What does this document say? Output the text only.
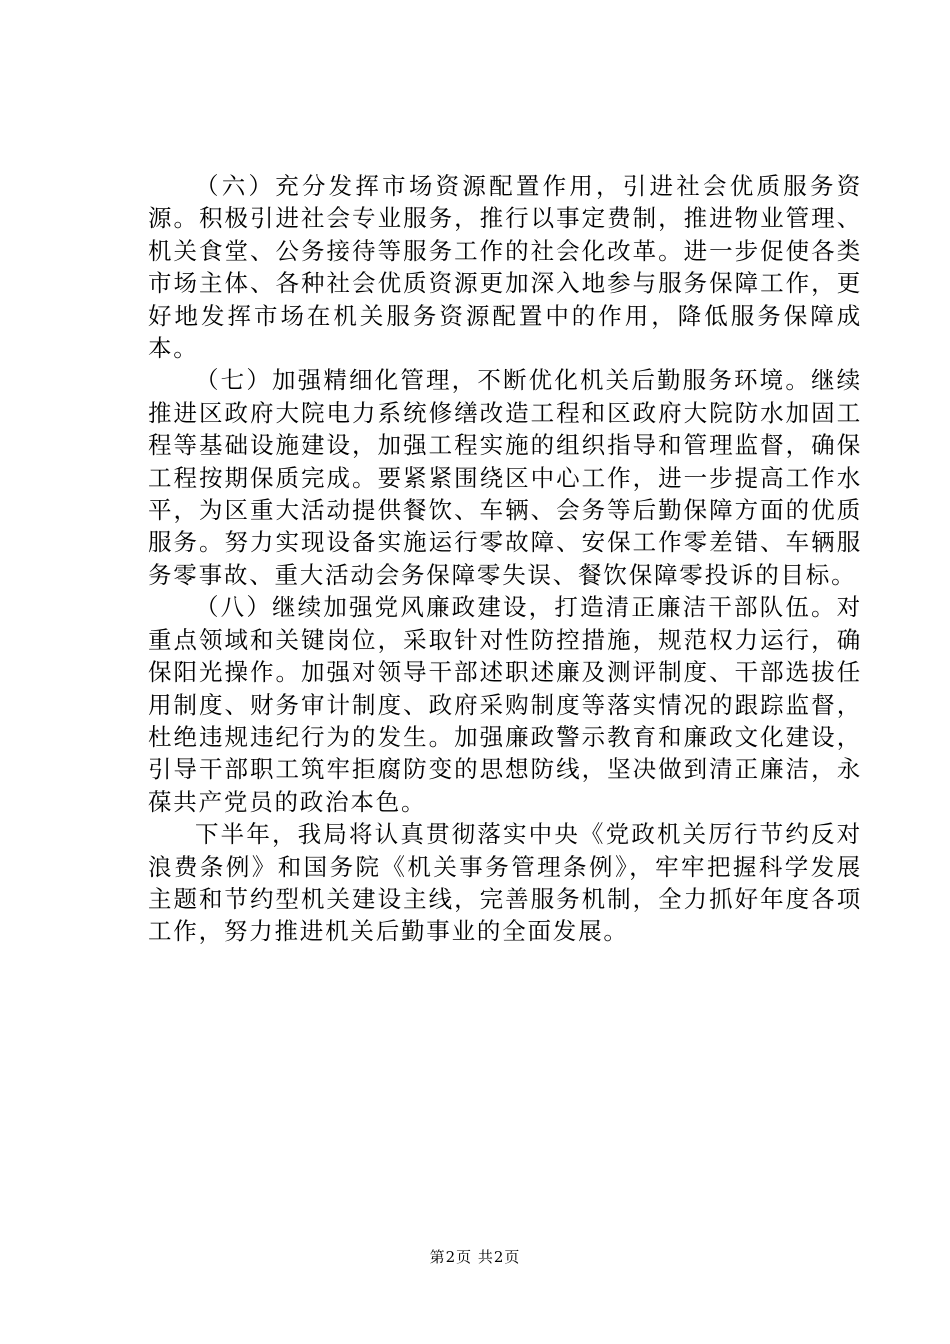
（六）充分发挥市场资源配置作用，引进社会优质服务资源。积极引进社会专业服务，推行以事定费制，推进物业管理、机关食堂、公务接待等服务工作的社会化改革。进一步促使各类市场主体、各种社会优质资源更加深入地参与服务保障工作，更好地发挥市场在机关服务资源配置中的作用，降低服务保障成本。

（七）加强精细化管理，不断优化机关后勤服务环境。继续推进区政府大院电力系统修缮改造工程和区政府大院防水加固工程等基础设施建设，加强工程实施的组织指导和管理监督，确保工程按期保质完成。要紧紧围绕区中心工作，进一步提高工作水平，为区重大活动提供餐饮、车辆、会务等后勤保障方面的优质服务。努力实现设备实施运行零故障、安保工作零差错、车辆服务零事故、重大活动会务保障零失误、餐饮保障零投诉的目标。

（八）继续加强党风廉政建设，打造清正廉洁干部队伍。对重点领域和关键岗位，采取针对性防控措施，规范权力运行，确保阳光操作。加强对领导干部述职述廉及测评制度、干部选拔任用制度、财务审计制度、政府采购制度等落实情况的跟踪监督，杜绝违规违纪行为的发生。加强廉政警示教育和廉政文化建设，引导干部职工筑牢拒腐防变的思想防线，坚决做到清正廉洁，永葆共产党员的政治本色。

下半年，我局将认真贯彻落实中央《党政机关厉行节约反对浪费条例》和国务院《机关事务管理条例》，牢牢把握科学发展主题和节约型机关建设主线，完善服务机制，全力抓好年度各项工作，努力推进机关后勤事业的全面发展。

第2页 共2页
